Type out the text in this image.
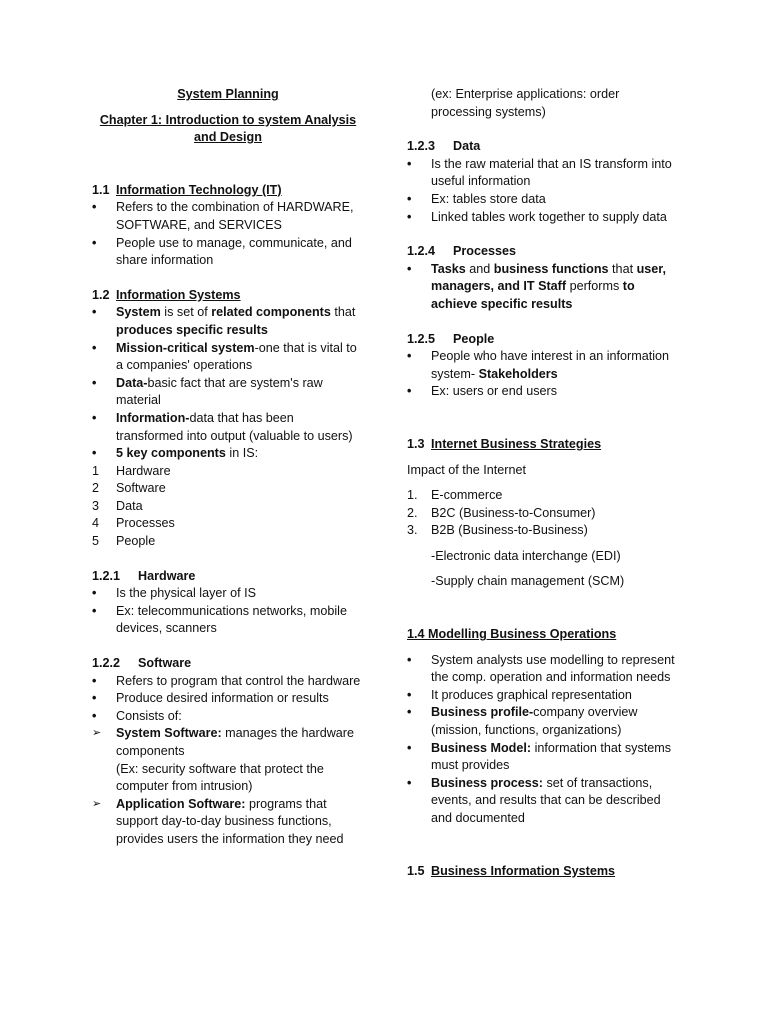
System Planning
Chapter 1: Introduction to system Analysis and Design
1.1 Information Technology (IT)
• Refers to the combination of HARDWARE, SOFTWARE, and SERVICES
• People use to manage, communicate, and share information
1.2 Information Systems
• System is set of related components that produces specific results
• Mission-critical system-one that is vital to a companies' operations
• Data-basic fact that are system's raw material
• Information-data that has been transformed into output (valuable to users)
• 5 key components in IS:
1 Hardware
2 Software
3 Data
4 Processes
5 People
1.2.1	Hardware
• Is the physical layer of IS
• Ex: telecommunications networks, mobile devices, scanners
1.2.2	Software
• Refers to program that control the hardware
• Produce desired information or results
• Consists of:
➢ System Software: manages the hardware components
(Ex: security software that protect the computer from intrusion)
➢ Application Software: programs that support day-to-day business functions, provides users the information they need
(ex: Enterprise applications: order processing systems)
1.2.3	Data
• Is the raw material that an IS transform into useful information
• Ex: tables store data
• Linked tables work together to supply data
1.2.4	Processes
• Tasks and business functions that user, managers, and IT Staff performs to achieve specific results
1.2.5	People
• People who have interest in an information system- Stakeholders
• Ex: users or end users
1.3 Internet Business Strategies
Impact of the Internet
1. E-commerce
2. B2C (Business-to-Consumer)
3. B2B (Business-to-Business)
-Electronic data interchange (EDI)
-Supply chain management (SCM)
1.4 Modelling Business Operations
• System analysts use modelling to represent the comp. operation and information needs
• It produces graphical representation
• Business profile-company overview (mission, functions, organizations)
• Business Model: information that systems must provides
• Business process: set of transactions, events, and results that can be described and documented
1.5 Business Information Systems
